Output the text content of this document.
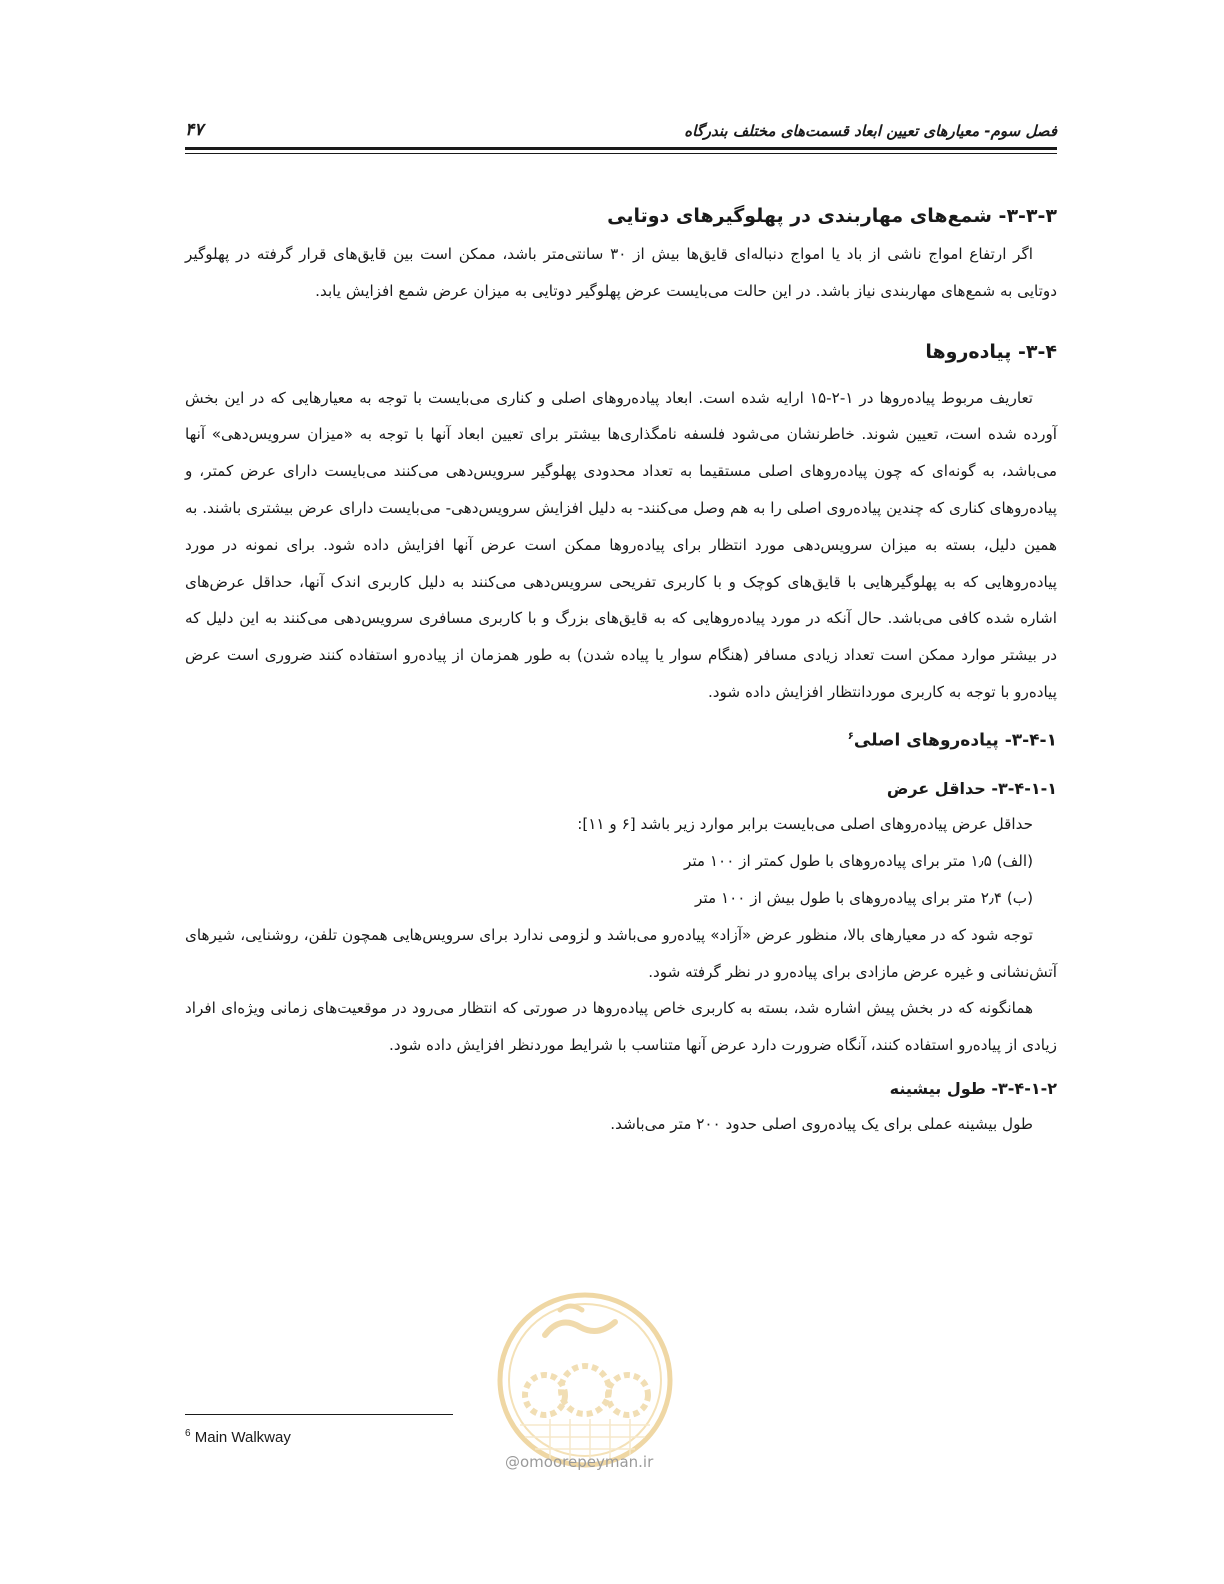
فصل سوم- معیارهای تعیین ابعاد قسمت‌های مختلف بندرگاه
۴۷
۳-۳-۳- شمع‌های مهاربندی در پهلوگیرهای دوتایی

اگر ارتفاع امواج ناشی از باد یا امواج دنباله‌ای قایق‌ها بیش از ۳۰ سانتی‌متر باشد، ممکن است بین قایق‌های قرار گرفته در پهلوگیر دوتایی به شمع‌های مهاربندی نیاز باشد. در این حالت می‌بایست عرض پهلوگیر دوتایی به میزان عرض شمع افزایش یابد.

۳-۴- پیاده‌روها

تعاریف مربوط پیاده‌روها در ۱-۲-۱۵ ارایه شده است. ابعاد پیاده‌روهای اصلی و کناری می‌بایست با توجه به معیارهایی که در این بخش آورده شده است، تعیین شوند. خاطرنشان می‌شود فلسفه نامگذاری‌ها بیشتر برای تعیین ابعاد آنها با توجه به «میزان سرویس‌دهی» آنها می‌باشد، به گونه‌ای که چون پیاده‌روهای اصلی مستقیما به تعداد محدودی پهلوگیر سرویس‌دهی می‌کنند می‌بایست دارای عرض کمتر، و پیاده‌روهای کناری که چندین پیاده‌روی اصلی را به هم وصل می‌کنند- به دلیل افزایش سرویس‌دهی- می‌بایست دارای عرض بیشتری باشند. به همین دلیل، بسته به میزان سرویس‌دهی مورد انتظار برای پیاده‌روها ممکن است عرض آنها افزایش داده شود. برای نمونه در مورد پیاده‌روهایی که به پهلوگیرهایی با قایق‌های کوچک و با کاربری تفریحی سرویس‌دهی می‌کنند به دلیل کاربری اندک آنها، حداقل عرض‌های اشاره شده کافی می‌باشد. حال آنکه در مورد پیاده‌روهایی که به قایق‌های بزرگ و با کاربری مسافری سرویس‌دهی می‌کنند به این دلیل که در بیشتر موارد ممکن است تعداد زیادی مسافر (هنگام سوار یا پیاده شدن) به طور همزمان از پیاده‌رو استفاده کنند ضروری است عرض پیاده‌رو با توجه به کاربری موردانتظار افزایش داده شود.

۳-۴-۱- پیاده‌روهای اصلی$^۶$
۳-۴-۱-۱- حداقل عرض

حداقل عرض پیاده‌روهای اصلی می‌بایست برابر موارد زیر باشد [۶ و ۱۱]:

(الف) ۱٫۵ متر برای پیاده‌روهای با طول کمتر از ۱۰۰ متر

(ب) ۲٫۴ متر برای پیاده‌روهای با طول بیش از ۱۰۰ متر

توجه شود که در معیارهای بالا، منظور عرض «آزاد» پیاده‌رو می‌باشد و لزومی ندارد برای سرویس‌هایی همچون تلفن، روشنایی، شیرهای آتش‌نشانی و غیره عرض مازادی برای پیاده‌رو در نظر گرفته شود.

همانگونه که در بخش پیش اشاره شد، بسته به کاربری خاص پیاده‌روها در صورتی که انتظار می‌رود در موقعیت‌های زمانی ویژه‌ای افراد زیادی از پیاده‌رو استفاده کنند، آنگاه ضرورت دارد عرض آنها متناسب با شرایط موردنظر افزایش داده شود.

۳-۴-۱-۲- طول بیشینه

طول بیشینه عملی برای یک پیاده‌روی اصلی حدود ۲۰۰ متر می‌باشد.

@omoorepeyman.ir
$^6$ Main Walkway
